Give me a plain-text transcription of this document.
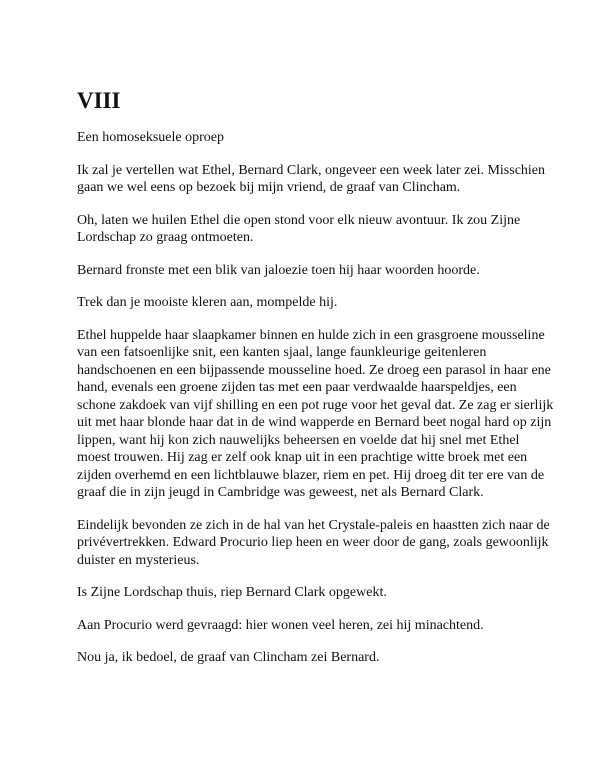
VIII

Een homoseksuele oproep

Ik zal je vertellen wat Ethel, Bernard Clark, ongeveer een week later zei. Misschien gaan we wel eens op bezoek bij mijn vriend, de graaf van Clincham.

Oh, laten we huilen Ethel die open stond voor elk nieuw avontuur. Ik zou Zijne Lordschap zo graag ontmoeten.

Bernard fronste met een blik van jaloezie toen hij haar woorden hoorde.

Trek dan je mooiste kleren aan, mompelde hij.

Ethel huppelde haar slaapkamer binnen en hulde zich in een grasgroene mousseline van een fatsoenlijke snit, een kanten sjaal, lange faunkleurige geitenleren handschoenen en een bijpassende mousseline hoed. Ze droeg een parasol in haar ene hand, evenals een groene zijden tas met een paar verdwaalde haarspeldjes, een schone zakdoek van vijf shilling en een pot ruge voor het geval dat. Ze zag er sierlijk uit met haar blonde haar dat in de wind wapperde en Bernard beet nogal hard op zijn lippen, want hij kon zich nauwelijks beheersen en voelde dat hij snel met Ethel moest trouwen. Hij zag er zelf ook knap uit in een prachtige witte broek met een zijden overhemd en een lichtblauwe blazer, riem en pet. Hij droeg dit ter ere van de graaf die in zijn jeugd in Cambridge was geweest, net als Bernard Clark.

Eindelijk bevonden ze zich in de hal van het Crystale-paleis en haastten zich naar de privévertrekken. Edward Procurio liep heen en weer door de gang, zoals gewoonlijk duister en mysterieus.

Is Zijne Lordschap thuis, riep Bernard Clark opgewekt.

Aan Procurio werd gevraagd: hier wonen veel heren, zei hij minachtend.

Nou ja, ik bedoel, de graaf van Clincham zei Bernard.
